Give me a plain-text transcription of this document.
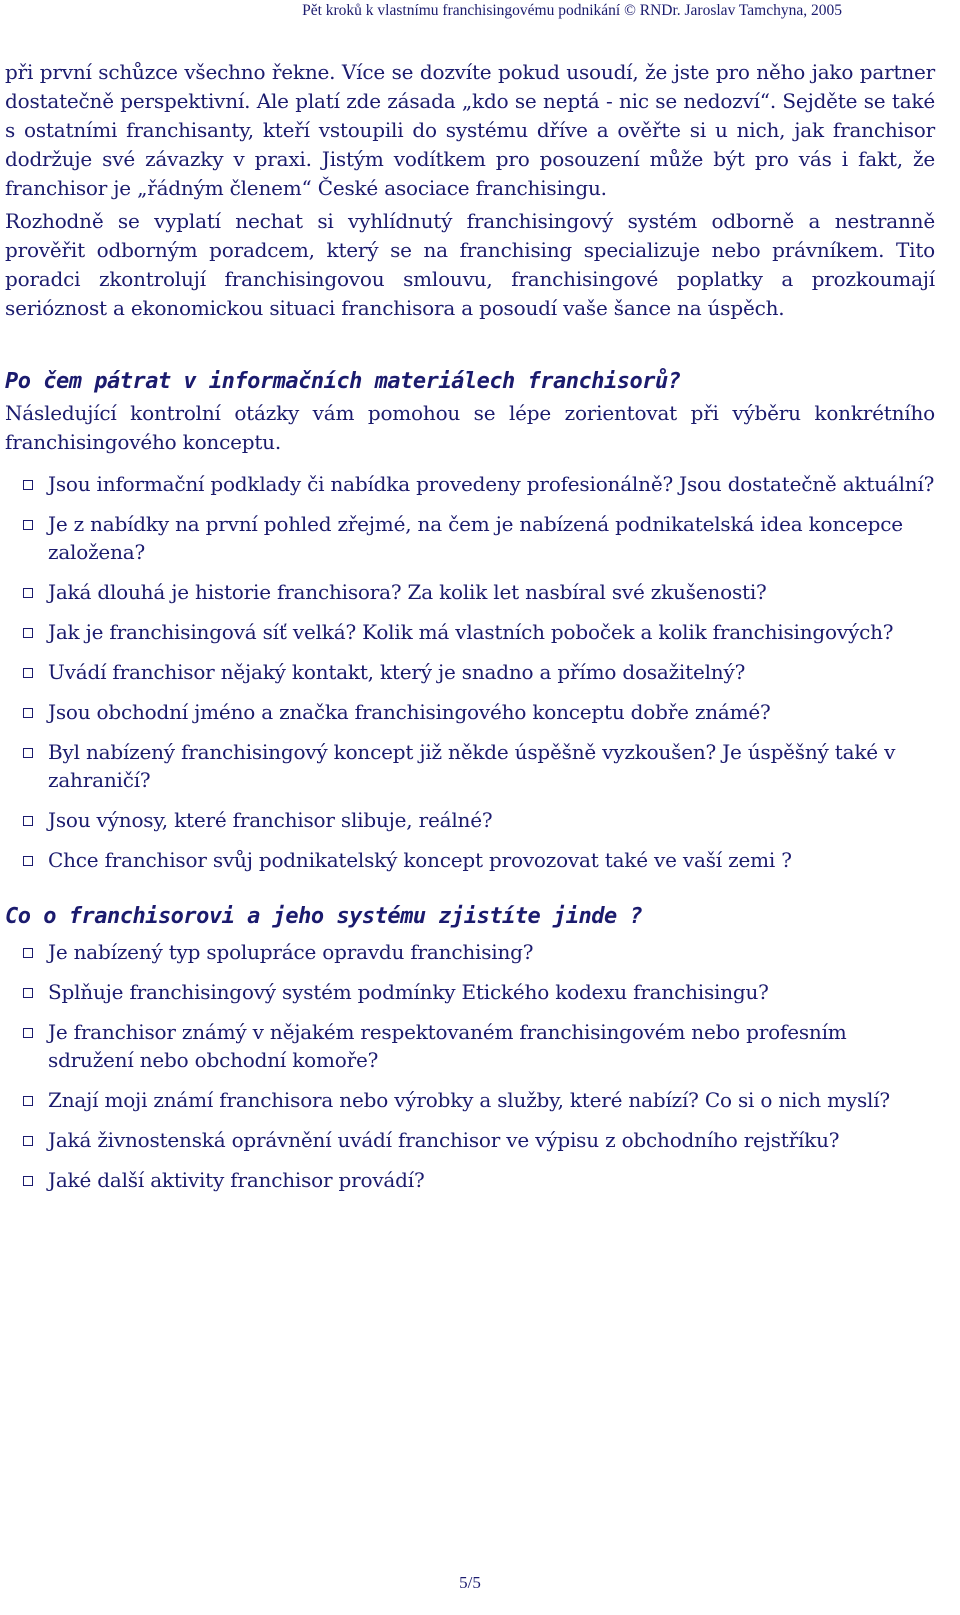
Pět kroků k vlastnímu franchisingovému podnikání © RNDr. Jaroslav Tamchyna, 2005

při první schůzce všechno řekne. Více se dozvíte pokud usoudí, že jste pro něho jako partner dostatečně perspektivní. Ale platí zde zásada „kdo se neptá - nic se nedozví“. Sejděte se také s ostatními franchisanty, kteří vstoupili do systému dříve a ověřte si u nich, jak franchisor dodržuje své závazky v praxi. Jistým vodítkem pro posouzení může být pro vás i fakt, že franchisor je „řádným členem“ České asociace franchisingu.

Rozhodně se vyplatí nechat si vyhlídnutý franchisingový systém odborně a nestranně prověřit odborným poradcem, který se na franchising specializuje nebo právníkem. Tito poradci zkontrolují franchisingovou smlouvu, franchisingové poplatky a prozkoumají serióznost a ekonomickou situaci franchisora a posoudí vaše šance na úspěch.

Po čem pátrat v informačních materiálech franchisorů?

Následující kontrolní otázky vám pomohou se lépe zorientovat při výběru konkrétního franchisingového konceptu.

Jsou informační podklady či nabídka provedeny profesionálně? Jsou dostatečně aktuální?
Je z nabídky na první pohled zřejmé, na čem je nabízená podnikatelská idea koncepce založena?
Jaká dlouhá je historie franchisora? Za kolik let nasbíral své zkušenosti?
Jak je franchisingová síť velká? Kolik má vlastních poboček a kolik franchisingových?
Uvádí franchisor nějaký kontakt, který je snadno a přímo dosažitelný?
Jsou obchodní jméno a značka franchisingového konceptu dobře známé?
Byl nabízený franchisingový koncept již někde úspěšně vyzkoušen? Je úspěšný také v zahraničí?
Jsou výnosy, které franchisor slibuje, reálné?
Chce franchisor svůj podnikatelský koncept provozovat také ve vaší zemi ?
Co o franchisorovi a jeho systému zjistíte jinde ?
Je nabízený typ spolupráce opravdu franchising?
Splňuje franchisingový systém podmínky Etického kodexu franchisingu?
Je franchisor známý v nějakém respektovaném franchisingovém nebo profesním sdružení nebo obchodní komoře?
Znají moji známí franchisora nebo výrobky a služby, které nabízí? Co si o nich myslí?
Jaká živnostenská oprávnění uvádí franchisor ve výpisu z obchodního rejstříku?
Jaké další aktivity franchisor provádí?
5/5
